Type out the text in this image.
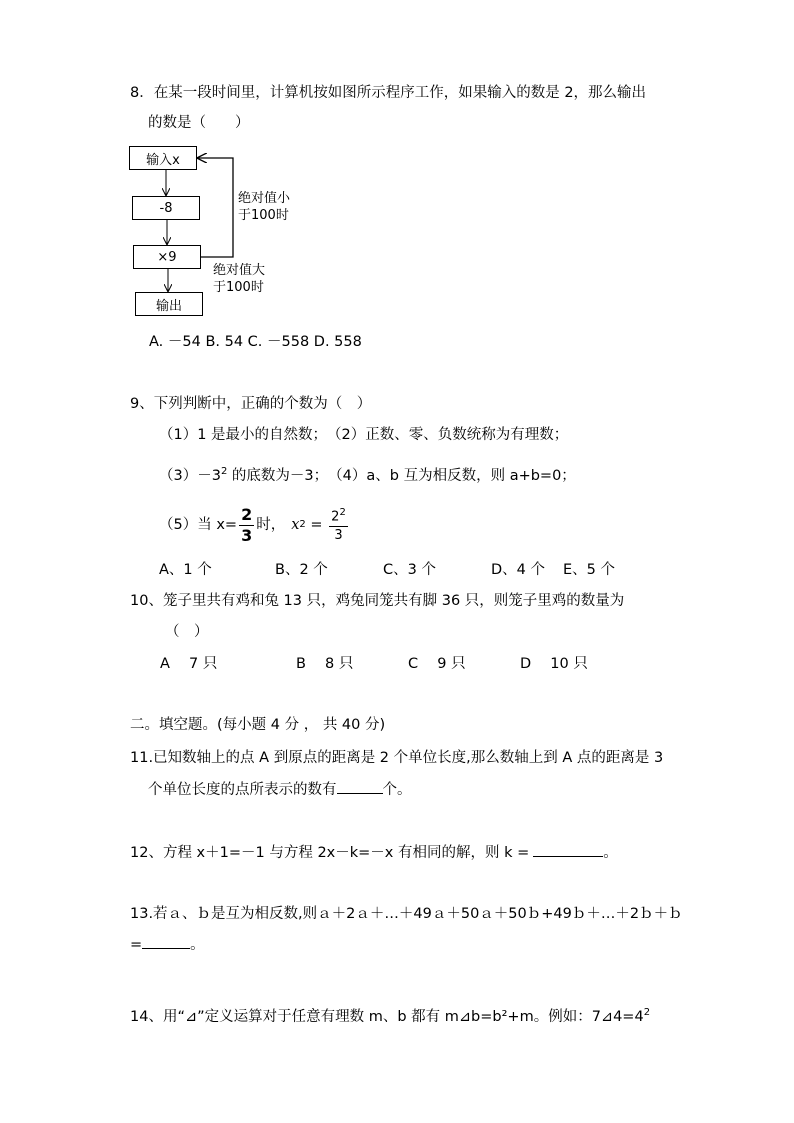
8．在某一段时间里，计算机按如图所示程序工作，如果输入的数是 2，那么输出
的数是（　　）
输入x
-8
×9
输出
绝对值小
于100时
绝对值大
于100时
A. －54 B. 54 C. －558 D. 558
9、下列判断中，正确的个数为（　）
（1）1 是最小的自然数；　（2）正数、零、负数统称为有理数；
$(3)-3^2$ 的底数为－3；　（4）a、b 互为相反数，则 a+b=0；
（5）当 $x= \frac{2}{3}$ 时， x $2 = \frac{2^2}{3}$
A、1 个	B、2 个	C、3 个	D、4 个 E、5 个
10、笼子里共有鸡和兔 13 只，鸡兔同笼共有脚 36 只，则笼子里鸡的数量为
（　）
A　 7 只	B　 8 只	C　 9 只	D　 10 只
二。填空题。(每小题 4 分 ， 共 40 分)
11.已知数轴上的点 A 到原点的距离是 2 个单位长度,那么数轴上到 A 点的距离是 3
个单位长度的点所表示的数有	个。
12、方程 x＋1=－1 与方程 2x－k=－x 有相同的解，则 k =	。
13.若ａ、ｂ是互为相反数,则ａ＋2ａ＋…＋49ａ＋50ａ＋50ｂ+49ｂ＋…＋2ｂ＋ｂ
=	。
14、用“⊿”定义运算对于任意有理数 m、b 都有 m⊿b=b²+m。例如：$7⊿4=4^2$
